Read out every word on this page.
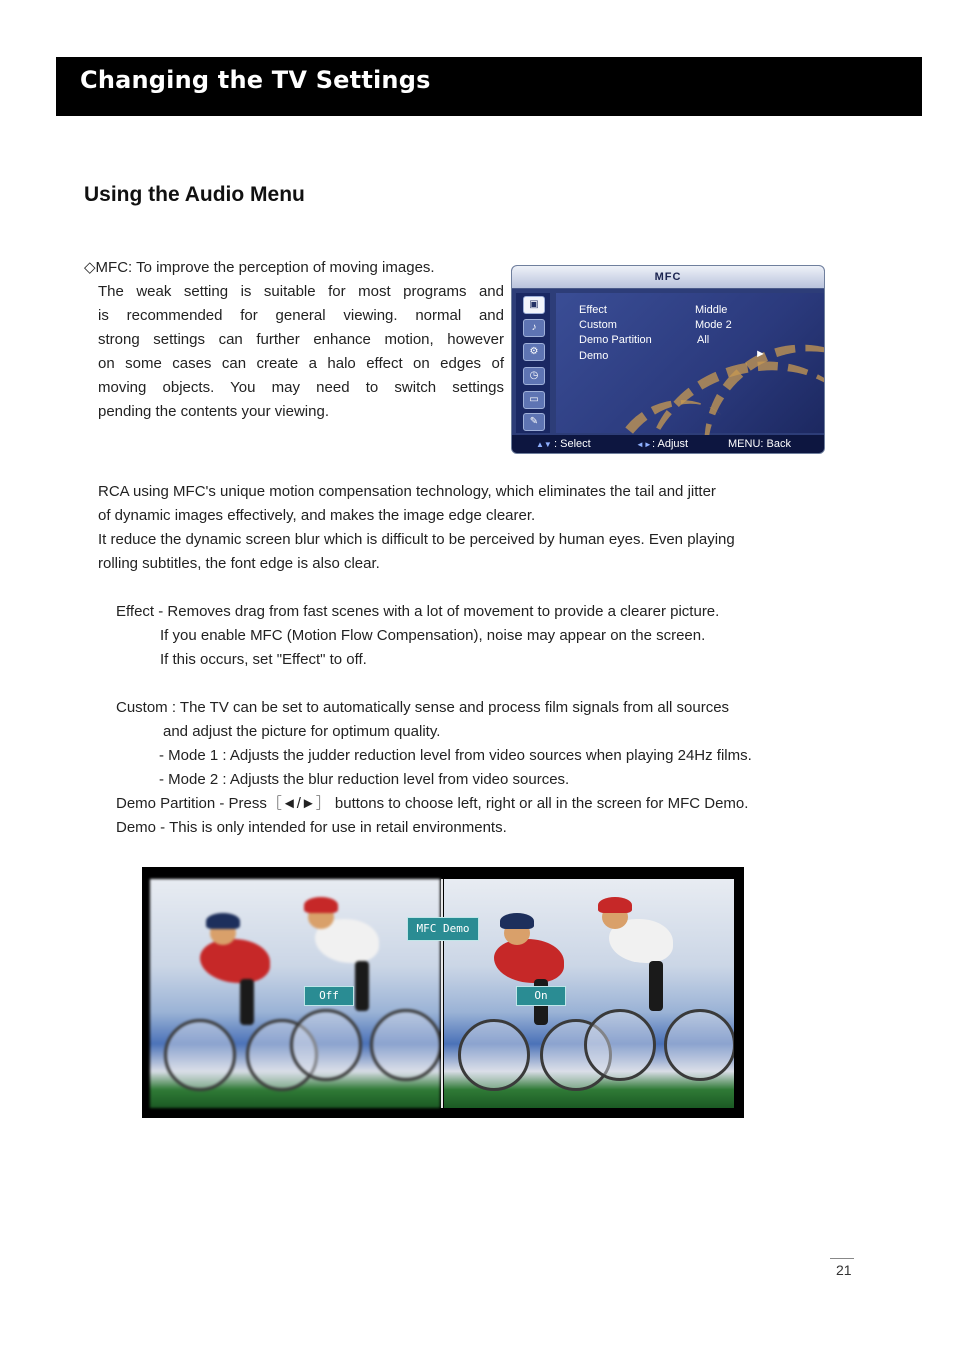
Changing the TV Settings
Using the Audio Menu
◇MFC: To improve the perception of moving images.
The weak setting is suitable for most programs and
is recommended for general viewing. normal and
strong settings can further enhance motion, however
on some cases can create a halo effect on edges of
moving objects. You may need to switch settings
pending the contents your viewing.
MFC
▣
♪
⚙
◷
▭
✎
Effect	Middle
Custom	Mode 2
Demo Partition	All
Demo	►
▲▼ : Select	◄► : Adjust	MENU: Back
RCA using MFC's unique motion compensation technology, which eliminates the tail and jitter
of dynamic images effectively, and makes the image edge clearer.
It reduce the dynamic screen blur which is difficult to be perceived by human eyes. Even playing
rolling subtitles, the font edge is also clear.
Effect - Removes drag from fast scenes with a lot of movement to provide a clearer picture.
If you enable MFC (Motion Flow Compensation), noise may appear on the screen.
If this occurs, set "Effect" to off.
Custom : The TV can be set to automatically sense and process film signals from all sources
and adjust the picture for optimum quality.
- Mode 1 : Adjusts the judder reduction level from video sources when playing 24Hz films.
- Mode 2 : Adjusts the blur reduction level from video sources.
Demo Partition - Press［◄/►］ buttons to choose left, right or all in the screen for MFC Demo.
Demo - This is only intended for use in retail environments.
MFC Demo
Off	On
21
